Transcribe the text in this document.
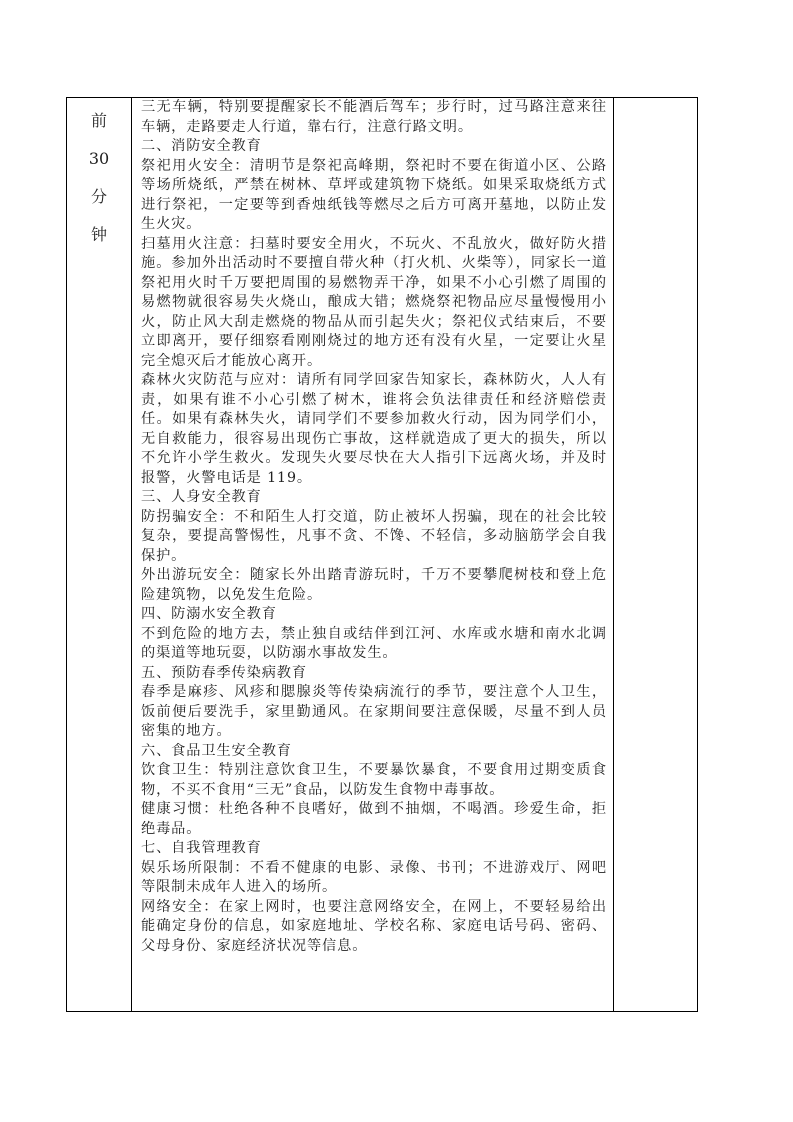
前
30
分
钟

三无车辆，特别要提醒家长不能酒后驾车；步行时，过马路注意来往车辆，走路要走人行道，靠右行，注意行路文明。

二、消防安全教育

祭祀用火安全：清明节是祭祀高峰期，祭祀时不要在街道小区、公路等场所烧纸，严禁在树林、草坪或建筑物下烧纸。如果采取烧纸方式进行祭祀，一定要等到香烛纸钱等燃尽之后方可离开墓地，以防止发生火灾。

扫墓用火注意：扫墓时要安全用火，不玩火、不乱放火，做好防火措施。参加外出活动时不要擅自带火种（打火机、火柴等），同家长一道祭祀用火时千万要把周围的易燃物弄干净，如果不小心引燃了周围的易燃物就很容易失火烧山，酿成大错；燃烧祭祀物品应尽量慢慢用小火，防止风大刮走燃烧的物品从而引起失火；祭祀仪式结束后，不要立即离开，要仔细察看刚刚烧过的地方还有没有火星，一定要让火星完全熄灭后才能放心离开。

森林火灾防范与应对：请所有同学回家告知家长，森林防火，人人有责，如果有谁不小心引燃了树木，谁将会负法律责任和经济赔偿责任。如果有森林失火，请同学们不要参加救火行动，因为同学们小，无自救能力，很容易出现伤亡事故，这样就造成了更大的损失，所以不允许小学生救火。发现失火要尽快在大人指引下远离火场，并及时报警，火警电话是 119。

三、人身安全教育

防拐骗安全：不和陌生人打交道，防止被坏人拐骗，现在的社会比较复杂，要提高警惕性，凡事不贪、不馋、不轻信，多动脑筋学会自我保护。

外出游玩安全：随家长外出踏青游玩时，千万不要攀爬树枝和登上危险建筑物，以免发生危险。

四、防溺水安全教育

不到危险的地方去，禁止独自或结伴到江河、水库或水塘和南水北调的渠道等地玩耍，以防溺水事故发生。

五、预防春季传染病教育

春季是麻疹、风疹和腮腺炎等传染病流行的季节，要注意个人卫生，饭前便后要洗手，家里勤通风。在家期间要注意保暖，尽量不到人员密集的地方。

六、食品卫生安全教育

饮食卫生：特别注意饮食卫生，不要暴饮暴食，不要食用过期变质食物，不买不食用“三无”食品，以防发生食物中毒事故。

健康习惯：杜绝各种不良嗜好，做到不抽烟，不喝酒。珍爱生命，拒绝毒品。

七、自我管理教育

娱乐场所限制：不看不健康的电影、录像、书刊；不进游戏厅、网吧等限制未成年人进入的场所。

网络安全：在家上网时，也要注意网络安全，在网上，不要轻易给出能确定身份的信息，如家庭地址、学校名称、家庭电话号码、密码、父母身份、家庭经济状况等信息。
